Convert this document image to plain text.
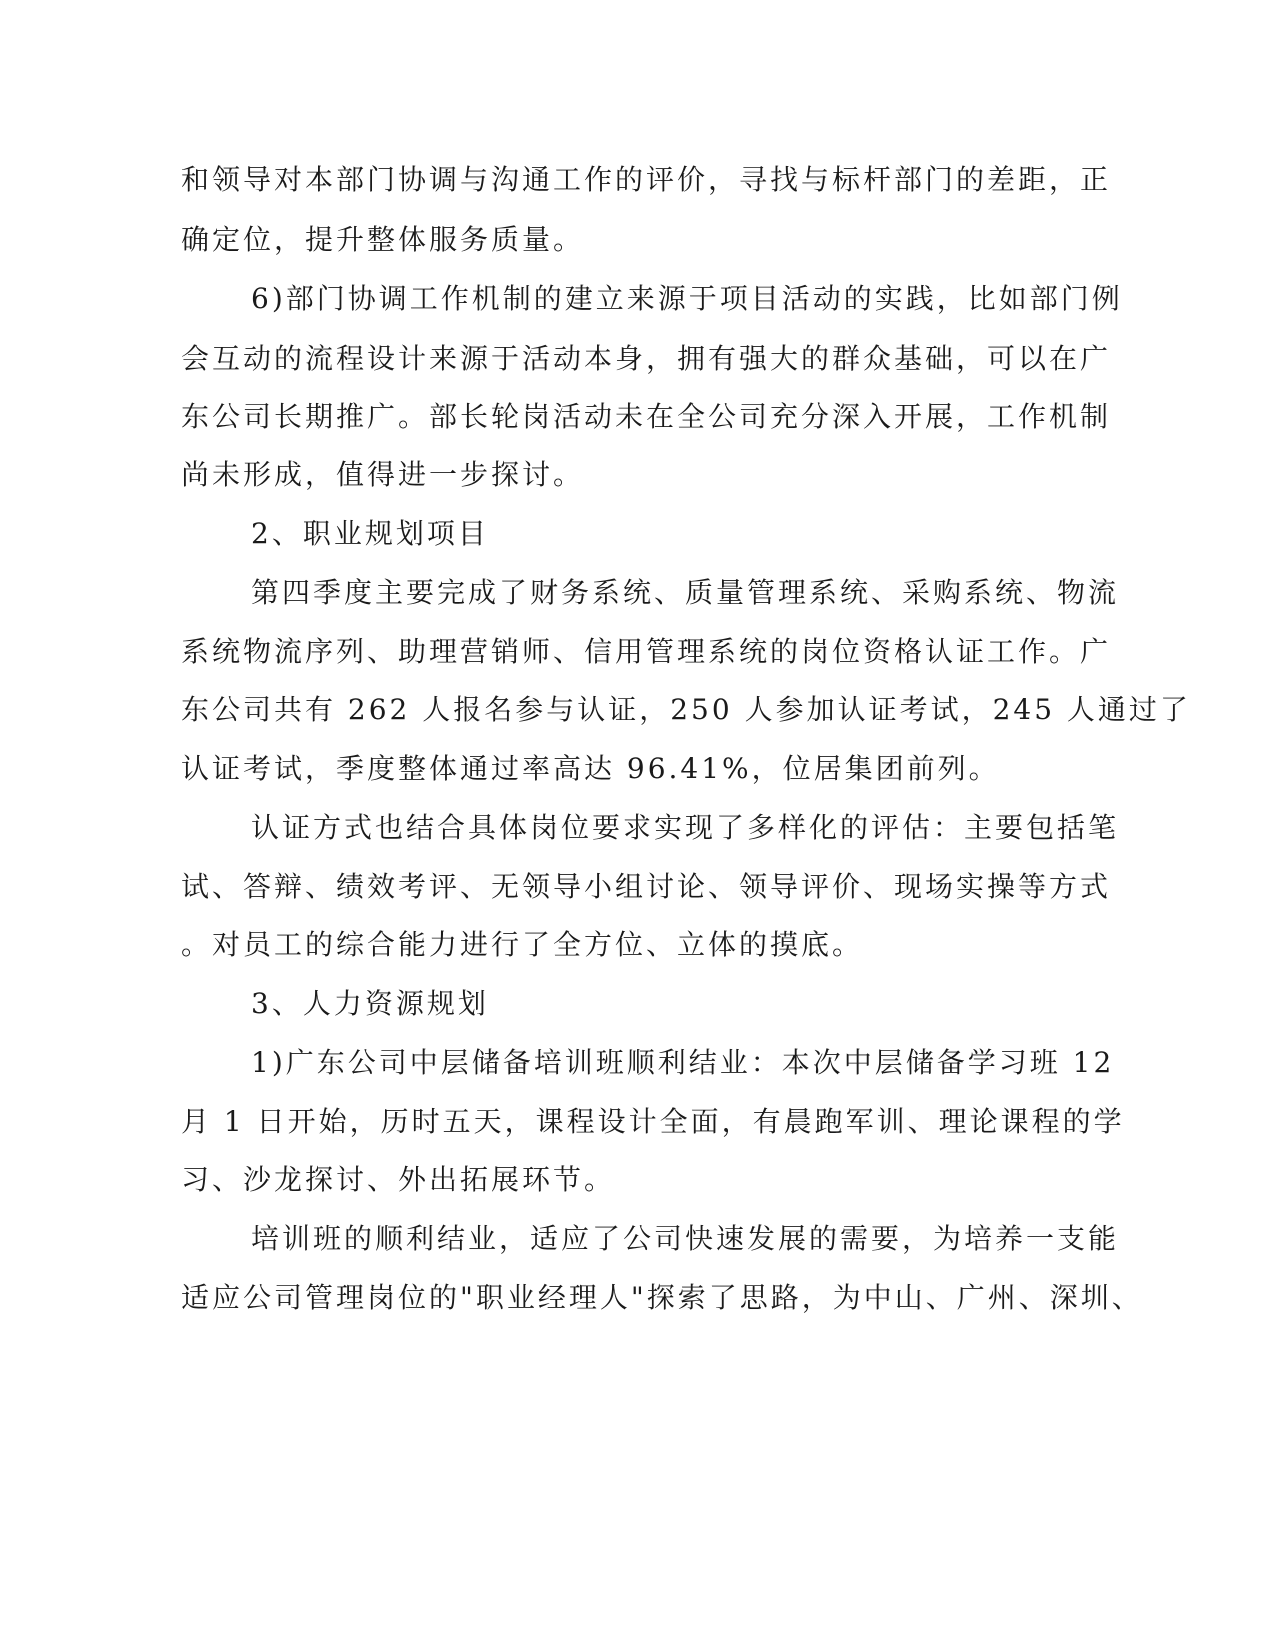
和领导对本部门协调与沟通工作的评价，寻找与标杆部门的差距，正
确定位，提升整体服务质量。
6)部门协调工作机制的建立来源于项目活动的实践，比如部门例
会互动的流程设计来源于活动本身，拥有强大的群众基础，可以在广
东公司长期推广。部长轮岗活动未在全公司充分深入开展，工作机制
尚未形成，值得进一步探讨。
2、职业规划项目
第四季度主要完成了财务系统、质量管理系统、采购系统、物流
系统物流序列、助理营销师、信用管理系统的岗位资格认证工作。广
东公司共有 262 人报名参与认证，250 人参加认证考试，245 人通过了
认证考试，季度整体通过率高达 96.41%，位居集团前列。
认证方式也结合具体岗位要求实现了多样化的评估：主要包括笔
试、答辩、绩效考评、无领导小组讨论、领导评价、现场实操等方式
。对员工的综合能力进行了全方位、立体的摸底。
3、人力资源规划
1)广东公司中层储备培训班顺利结业：本次中层储备学习班 12
月 1 日开始，历时五天，课程设计全面，有晨跑军训、理论课程的学
习、沙龙探讨、外出拓展环节。
培训班的顺利结业，适应了公司快速发展的需要，为培养一支能
适应公司管理岗位的"职业经理人"探索了思路，为中山、广州、深圳、
